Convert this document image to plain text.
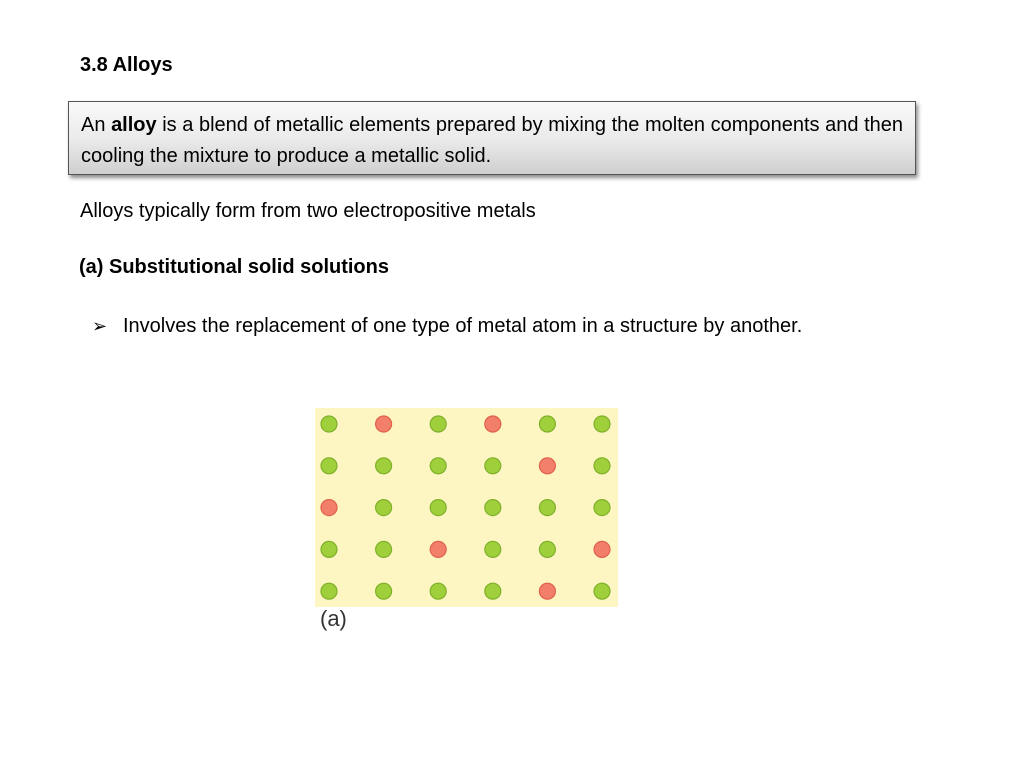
3.8 Alloys
An alloy is a blend of metallic elements prepared by mixing the molten components and then cooling the mixture to produce a metallic solid.
Alloys typically form from two electropositive metals
(a) Substitutional solid solutions
➢ Involves the replacement of one type of metal atom in a structure by another.
(a)
